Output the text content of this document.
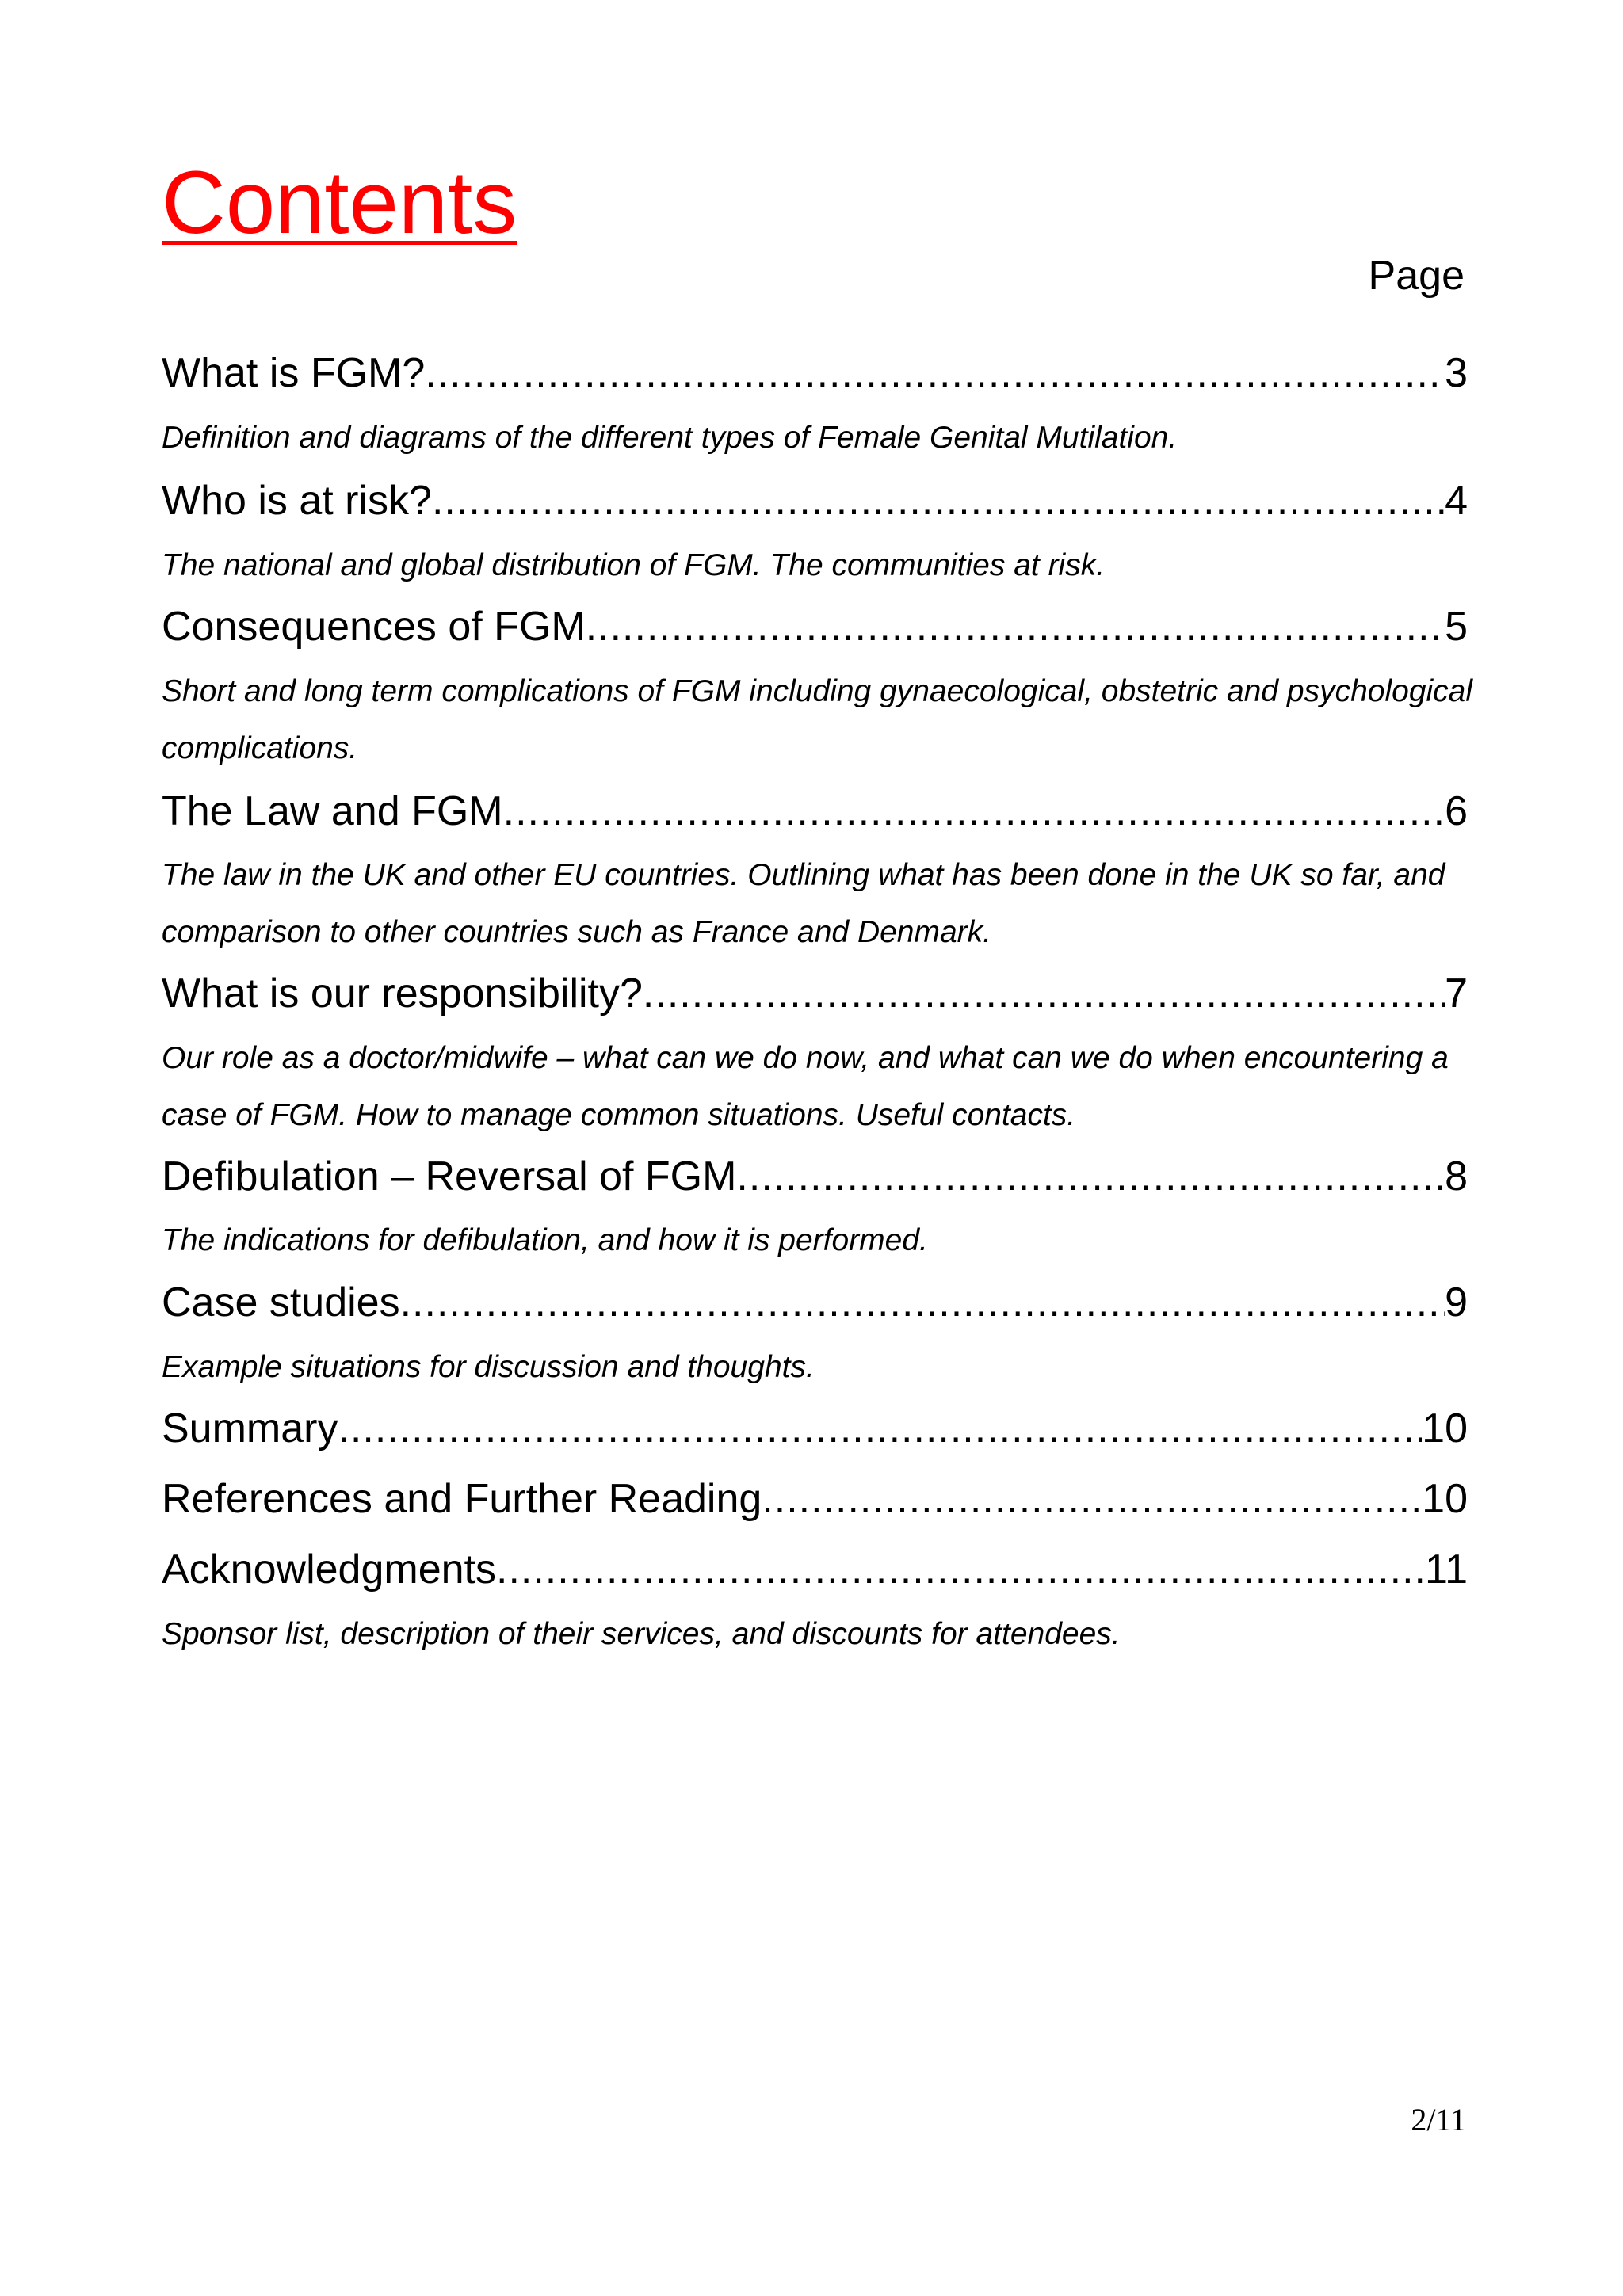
Contents
Page
What is FGM? .....	3
Definition and diagrams of the different types of Female Genital Mutilation.
Who is at risk? .....	4
The national and global distribution of FGM. The communities at risk.
Consequences of FGM .....	5
Short and long term complications of FGM including gynaecological, obstetric and psychological complications.
The Law and FGM .....	6
The law in the UK and other EU countries. Outlining what has been done in the UK so far, and comparison to other countries such as France and Denmark.
What is our responsibility? .....	7
Our role as a doctor/midwife – what can we do now, and what can we do when encountering a case of FGM. How to manage common situations. Useful contacts.
Defibulation – Reversal of FGM .....	8
The indications for defibulation, and how it is performed.
Case studies .....	9
Example situations for discussion and thoughts.
Summary .....	10
References and Further Reading .....	10
Acknowledgments .....	11
Sponsor list, description of their services, and discounts for attendees.
2/11
